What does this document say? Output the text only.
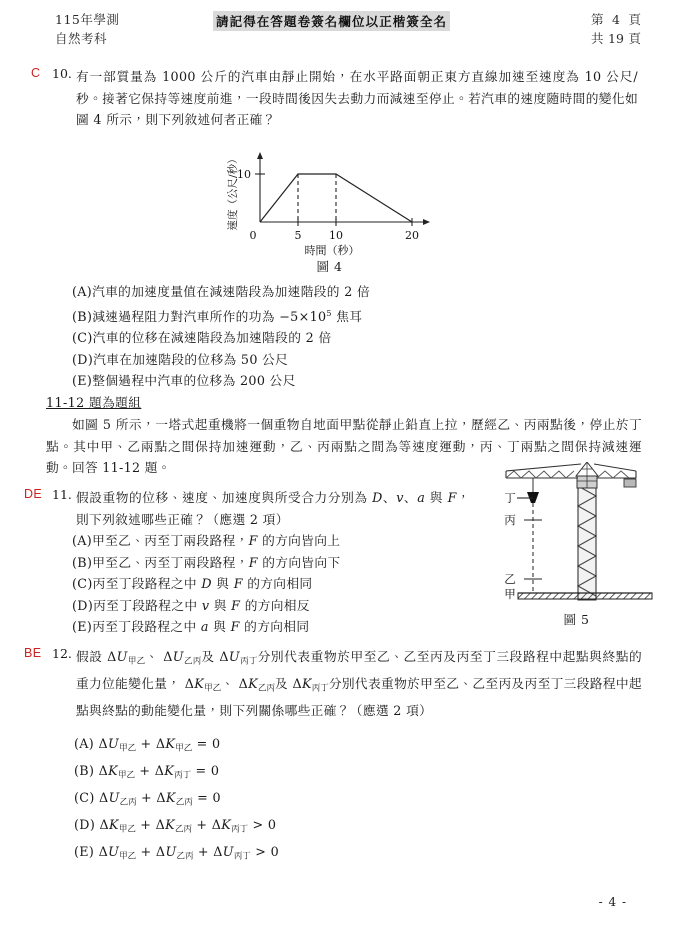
115年學測
自然考科
請記得在答題卷簽名欄位以正楷簽全名	第 4 頁
共 19 頁
C 10. 有一部質量為 1000 公斤的汽車由靜止開始，在水平路面朝正東方直線加速至速度為 10 公尺/秒。接著它保持等速度前進，一段時間後因失去動力而減速至停止。若汽車的速度隨時間的變化如圖 4 所示，則下列敘述何者正確？
10
0	5	10	20
速度（公尺/秒）
時間（秒）
圖 4
(A)汽車的加速度量值在減速階段為加速階段的 2 倍
(B)減速過程阻力對汽車所作的功為 $-5\times 10^5$ 焦耳
(C)汽車的位移在減速階段為加速階段的 2 倍
(D)汽車在加速階段的位移為 50 公尺
(E)整個過程中汽車的位移為 200 公尺
11-12 題為題組
如圖 5 所示，一塔式起重機將一個重物自地面甲點從靜止鉛直上拉，歷經乙、丙兩點後，停止於丁點。其中甲、乙兩點之間保持加速運動，乙、丙兩點之間為等速度運動，丙、丁兩點之間保持減速運動。回答 11-12 題。
丁
丙
乙
甲
圖 5
DE 11. 假設重物的位移、速度、加速度與所受合力分別為 D、v、a 與 F，則下列敘述哪些正確？（應選 2 項）
(A)甲至乙、丙至丁兩段路程，F 的方向皆向上
(B)甲至乙、丙至丁兩段路程，F 的方向皆向下
(C)丙至丁段路程之中 D 與 F 的方向相同
(D)丙至丁段路程之中 v 與 F 的方向相反
(E)丙至丁段路程之中 a 與 F 的方向相同
BE 12. 假設 $\Delta U_{甲乙}$、 $\Delta U_{乙丙}$及 $\Delta U_{丙丁}$分別代表重物於甲至乙、乙至丙及丙至丁三段路程中起點與終點的重力位能變化量， $\Delta K_{甲乙}$、 $\Delta K_{乙丙}$及 $\Delta K_{丙丁}$分別代表重物於甲至乙、乙至丙及丙至丁三段路程中起點與終點的動能變化量，則下列關係哪些正確？（應選 2 項）
(A) $\Delta U_{甲乙} + \Delta K_{甲乙} = 0$
(B) $\Delta K_{甲乙} + \Delta K_{丙丁} = 0$
(C) $\Delta U_{乙丙} + \Delta K_{乙丙} = 0$
(D) $\Delta K_{甲乙} + \Delta K_{乙丙} + \Delta K_{丙丁} > 0$
(E) $\Delta U_{甲乙} + \Delta U_{乙丙} + \Delta U_{丙丁} > 0$
- 4 -
